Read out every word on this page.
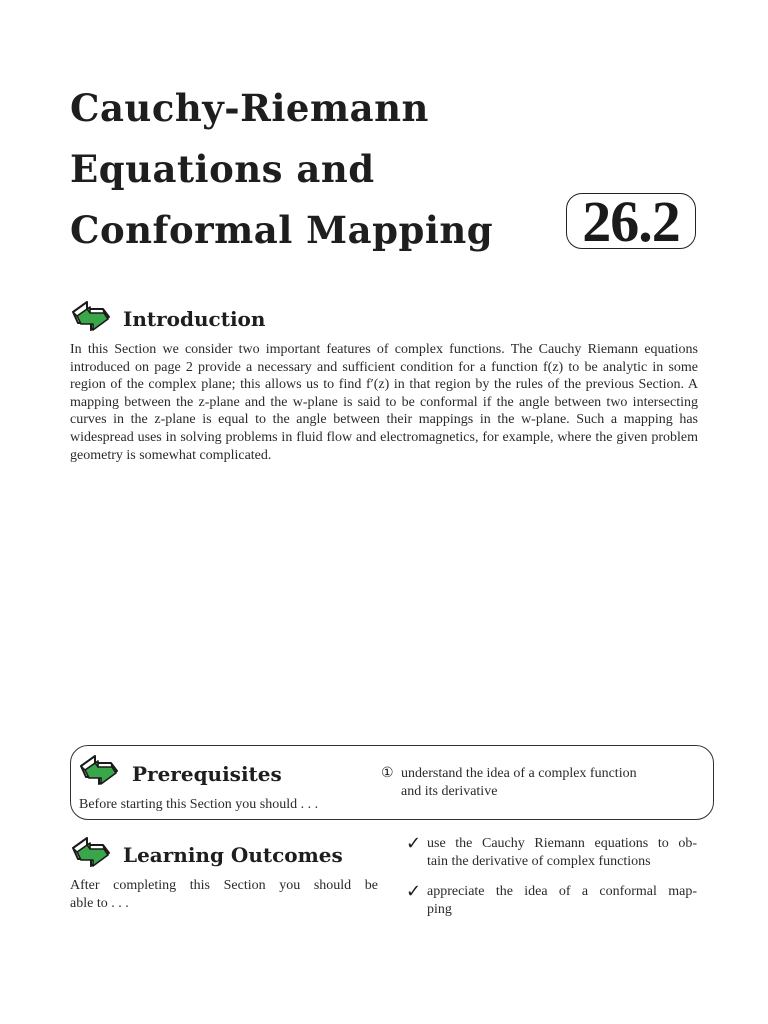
Cauchy-Riemann
Equations and
Conformal Mapping 26.2
Introduction
In this Section we consider two important features of complex functions. The Cauchy Riemann equations introduced on page 2 provide a necessary and sufficient condition for a function f(z) to be analytic in some region of the complex plane; this allows us to find f′(z) in that region by the rules of the previous Section. A mapping between the z-plane and the w-plane is said to be conformal if the angle between two intersecting curves in the z-plane is equal to the angle between their mappings in the w-plane. Such a mapping has widespread uses in solving problems in fluid flow and electromagnetics, for example, where the given problem geometry is somewhat complicated.
Prerequisites
Before starting this Section you should . . .
① understand the idea of a complex function
and its derivative
Learning Outcomes
After completing this Section you should be
able to . . .
✓ use the Cauchy Riemann equations to ob-
tain the derivative of complex functions
✓ appreciate the idea of a conformal map-
ping
